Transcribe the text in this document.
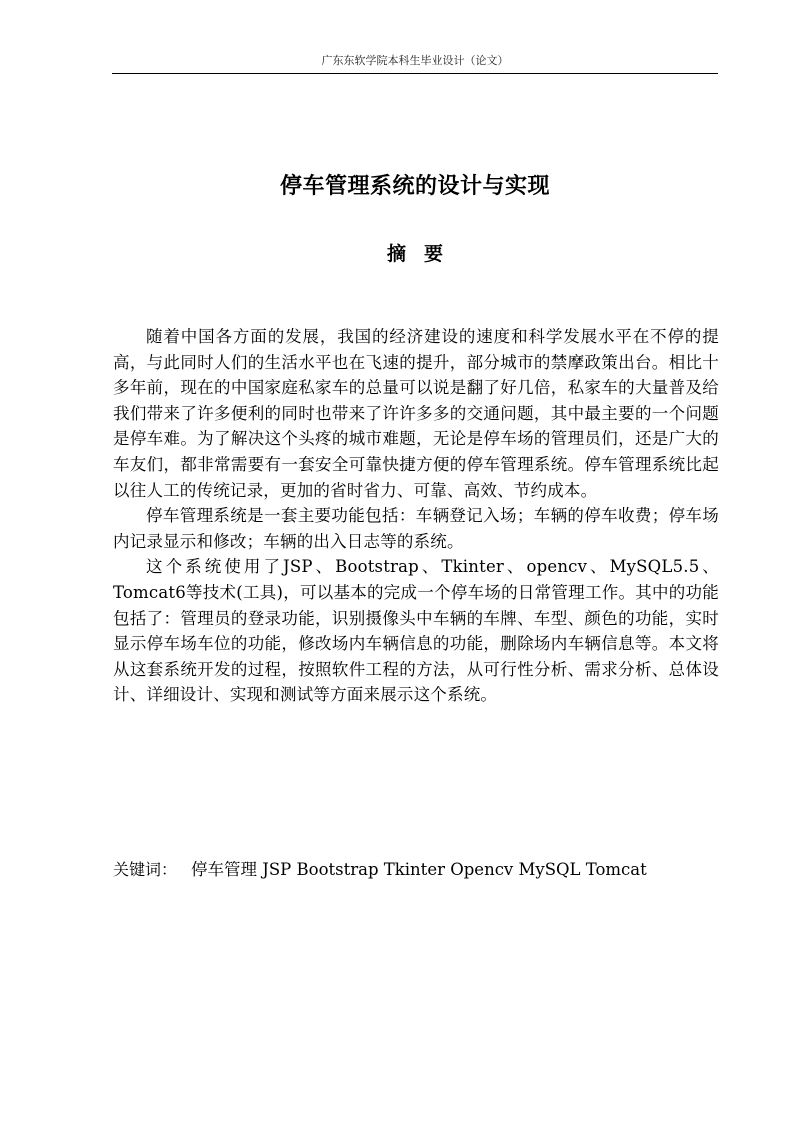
广东东软学院本科生毕业设计（论文）
停车管理系统的设计与实现
摘要

随着中国各方面的发展，我国的经济建设的速度和科学发展水平在不停的提高，与此同时人们的生活水平也在飞速的提升，部分城市的禁摩政策出台。相比十多年前，现在的中国家庭私家车的总量可以说是翻了好几倍，私家车的大量普及给我们带来了许多便利的同时也带来了许许多多的交通问题，其中最主要的一个问题是停车难。为了解决这个头疼的城市难题，无论是停车场的管理员们，还是广大的车友们，都非常需要有一套安全可靠快捷方便的停车管理系统。停车管理系统比起以往人工的传统记录，更加的省时省力、可靠、高效、节约成本。

停车管理系统是一套主要功能包括：车辆登记入场；车辆的停车收费；停车场内记录显示和修改；车辆的出入日志等的系统。

这个系统使用了JSP、Bootstrap、Tkinter、opencv、MySQL5.5、Tomcat6等技术(工具)，可以基本的完成一个停车场的日常管理工作。其中的功能包括了：管理员的登录功能，识别摄像头中车辆的车牌、车型、颜色的功能，实时显示停车场车位的功能，修改场内车辆信息的功能，删除场内车辆信息等。本文将从这套系统开发的过程，按照软件工程的方法，从可行性分析、需求分析、总体设计、详细设计、实现和测试等方面来展示这个系统。

关键词： 停车管理 JSP Bootstrap Tkinter Opencv MySQL Tomcat
